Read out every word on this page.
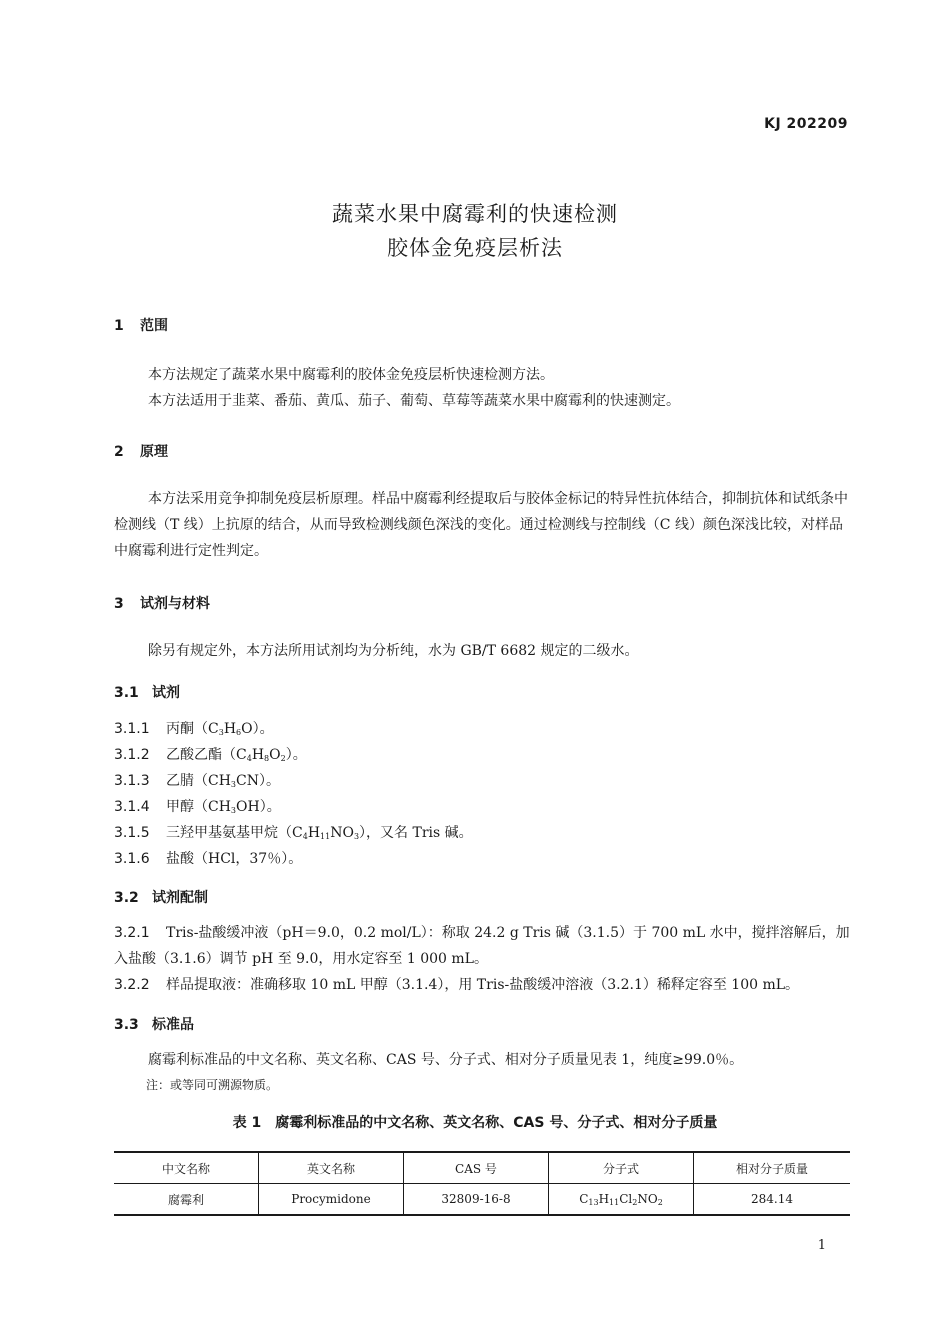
KJ 202209
蔬菜水果中腐霉利的快速检测
胶体金免疫层析法
1 范围
本方法规定了蔬菜水果中腐霉利的胶体金免疫层析快速检测方法。
本方法适用于韭菜、番茄、黄瓜、茄子、葡萄、草莓等蔬菜水果中腐霉利的快速测定。
2 原理
本方法采用竞争抑制免疫层析原理。样品中腐霉利经提取后与胶体金标记的特异性抗体结合，抑制抗体和试纸条中检测线（T 线）上抗原的结合，从而导致检测线颜色深浅的变化。通过检测线与控制线（C 线）颜色深浅比较，对样品中腐霉利进行定性判定。
3 试剂与材料
除另有规定外，本方法所用试剂均为分析纯，水为 GB/T 6682 规定的二级水。
3.1 试剂
3.1.1 丙酮$(C_3H_6O)$。
3.1.2 乙酸乙酯$(C_4H_8O_2)$。
3.1.3 乙腈$(CH_3CN)$。
3.1.4 甲醇$(CH_3OH)$。
3.1.5 三羟甲基氨基甲烷$(C_4H_{11}NO_3)$，又名 Tris 碱。
3.1.6 盐酸（HCl，37％）。
3.2 试剂配制
3.2.1 Tris-盐酸缓冲液（pH＝9.0，0.2 mol/L）：称取 24.2 g Tris 碱（3.1.5）于 700 mL 水中，搅拌溶解后，加入盐酸（3.1.6）调节 pH 至 9.0，用水定容至 1 000 mL。
3.2.2 样品提取液：准确移取 10 mL 甲醇（3.1.4），用 Tris-盐酸缓冲溶液（3.2.1）稀释定容至 100 mL。
3.3 标准品
腐霉利标准品的中文名称、英文名称、CAS 号、分子式、相对分子质量见表 1，纯度≥99.0％。
注：或等同可溯源物质。
表 1　腐霉利标准品的中文名称、英文名称、CAS 号、分子式、相对分子质量
中文名称	英文名称	CAS 号	分子式	相对分子质量
腐霉利	Procymidone	32809-16-8	$C_{13}H_{11}Cl_2NO_2$	284.14
1
